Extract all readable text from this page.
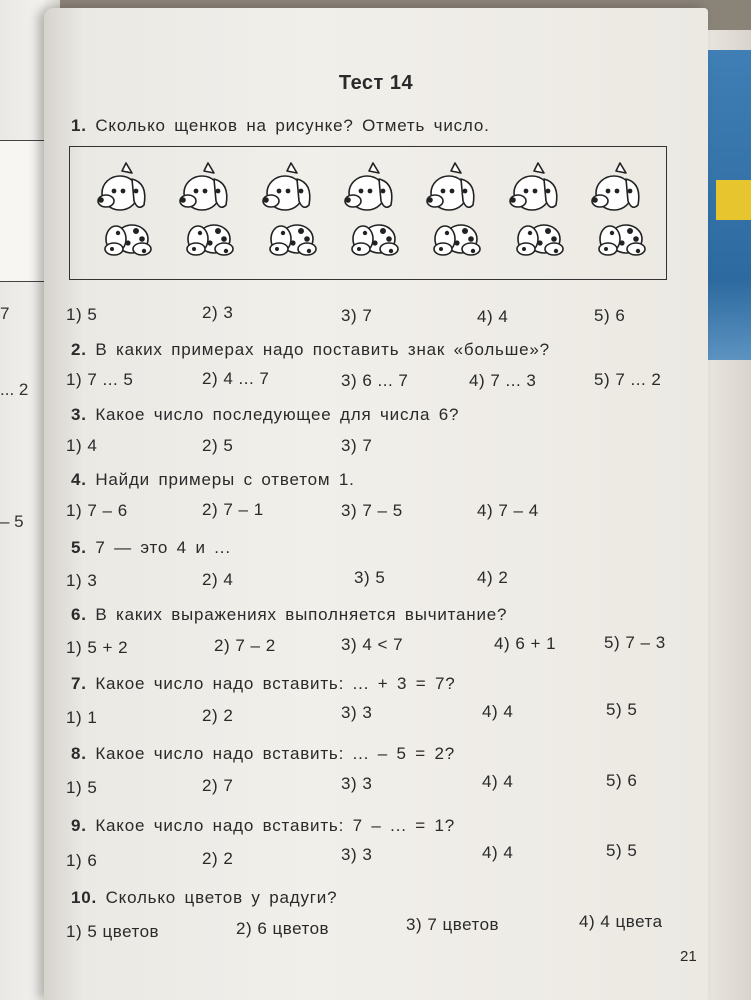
7
... 2
– 5
Тест 14
1. Сколько щенков на рисунке? Отметь число.
1) 5	2) 3	3) 7	4) 4	5) 6
2. В каких примерах надо поставить знак «больше»?
1) 7 ... 5	2) 4 ... 7	3) 6 ... 7	4) 7 ... 3	5) 7 ... 2
3. Какое число последующее для числа 6?
1) 4	2) 5	3) 7
4. Найди примеры с ответом 1.
1) 7 – 6	2) 7 – 1	3) 7 – 5	4) 7 – 4
5. 7 — это 4 и ...
1) 3	2) 4	3) 5	4) 2
6. В каких выражениях выполняется вычитание?
1) 5 + 2	2) 7 – 2	3) 4 < 7	4) 6 + 1	5) 7 – 3
7. Какое число надо вставить: ... + 3 = 7?
1) 1	2) 2	3) 3	4) 4	5) 5
8. Какое число надо вставить: ... – 5 = 2?
1) 5	2) 7	3) 3	4) 4	5) 6
9. Какое число надо вставить: 7 – ... = 1?
1) 6	2) 2	3) 3	4) 4	5) 5
10. Сколько цветов у радуги?
1) 5 цветов	2) 6 цветов	3) 7 цветов	4) 4 цвета
21
